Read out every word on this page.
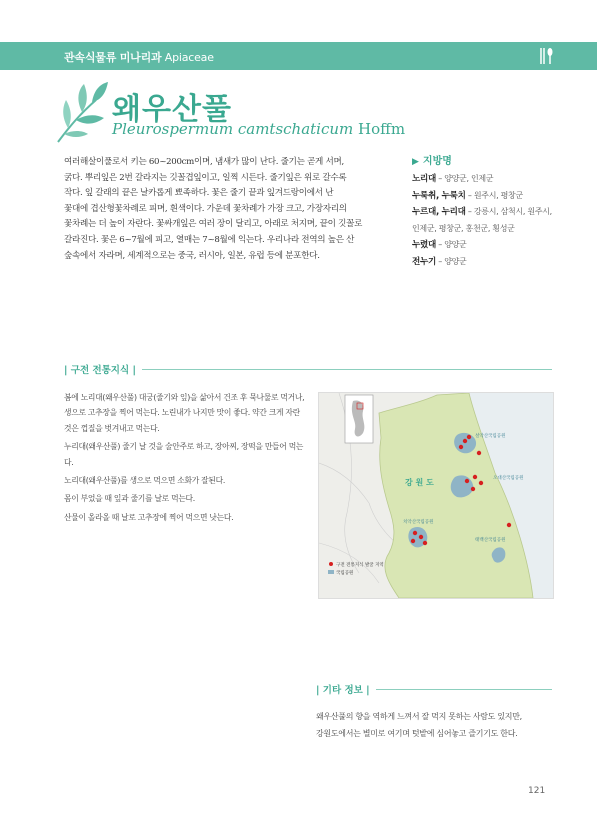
관속식물류 미나리과 Apiaceae
왜우산풀
Pleurospermum camtschaticum Hoffm
여러해살이풀로서 키는 60~200cm이며, 냄새가 많이 난다. 줄기는 곧게 서며,
굵다. 뿌리잎은 2번 갈라지는 깃꼴겹잎이고, 일찍 시든다. 줄기잎은 위로 갈수록
작다. 잎 갈래의 끝은 날카롭게 뾰족하다. 꽃은 줄기 끝과 잎겨드랑이에서 난
꽃대에 겹산형꽃차례로 피며, 흰색이다. 가운데 꽃차례가 가장 크고, 가장자리의
꽃차례는 더 높이 자란다. 꽃싸개잎은 여러 장이 달리고, 아래로 처지며, 끝이 깃꼴로
갈라진다. 꽃은 6~7월에 피고, 열매는 7~8월에 익는다. 우리나라 전역의 높은 산
숲속에서 자라며, 세계적으로는 중국, 러시아, 일본, 유럽 등에 분포한다.
▶ 지방명
노리대 – 양양군, 인제군
누룩취, 누룩치 – 원주시, 평창군
누르대, 누리대 – 강릉시, 삼척시, 원주시,
인제군, 평창군, 홍천군, 횡성군
누렸대 – 양양군
전누기 – 양양군
| 구전 전통지식 |

봄에 노리대(왜우산풀) 대궁(줄기와 잎)을 삶아서 건조 후 묵나물로 먹거나, 생으로 고추장을 찍어 먹는다. 노린내가 나지만 맛이 좋다. 약간 크게 자란 것은 껍질을 벗겨내고 먹는다.

누리대(왜우산풀) 줄기 날 것을 술안주로 하고, 장아찌, 장떡을 만들어 먹는다.

노리대(왜우산풀)를 생으로 먹으면 소화가 잘된다.

몸이 부었을 때 잎과 줄기를 날로 먹는다.

산물이 올라올 때 날로 고추장에 찍어 먹으면 낫는다.

강 원 도
설악산국립공원
오대산국립공원
치악산국립공원
태백산국립공원
구전 전통지식 발굴 지역
국립공원
| 기타 정보 |
왜우산풀의 향을 역하게 느껴서 잘 먹지 못하는 사람도 있지만,
강원도에서는 별미로 여기며 텃밭에 심어놓고 즐기기도 한다.
121
